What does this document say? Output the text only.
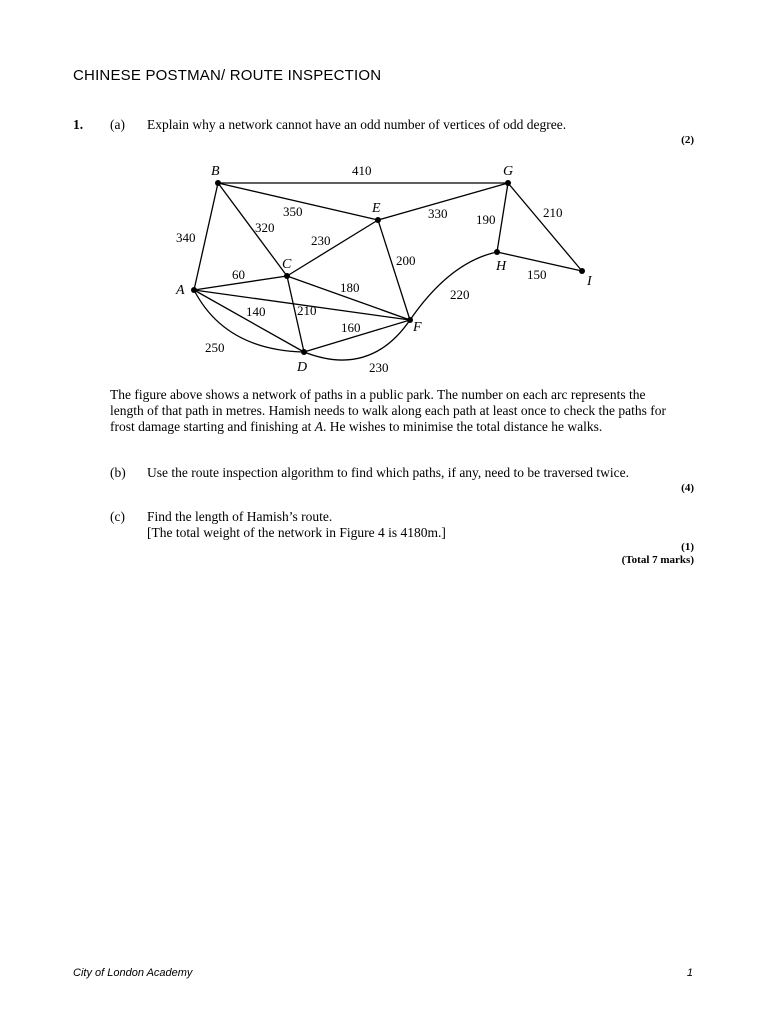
CHINESE POSTMAN/ ROUTE INSPECTION
1. (a) Explain why a network cannot have an odd number of vertices of odd degree.
(2)
A
B
C
D
E
F
G
H
I
410
340
350
320
230
330
200
190	210
150
220
60
180
140 210
160
250
230
The figure above shows a network of paths in a public park. The number on each arc represents the length of that path in metres. Hamish needs to walk along each path at least once to check the paths for frost damage starting and finishing at A. He wishes to minimise the total distance he walks.
(b) Use the route inspection algorithm to find which paths, if any, need to be traversed twice.
(4)
(c) Find the length of Hamish’s route.
[The total weight of the network in Figure 4 is 4180m.]
(1)
(Total 7 marks)
City of London Academy	1
